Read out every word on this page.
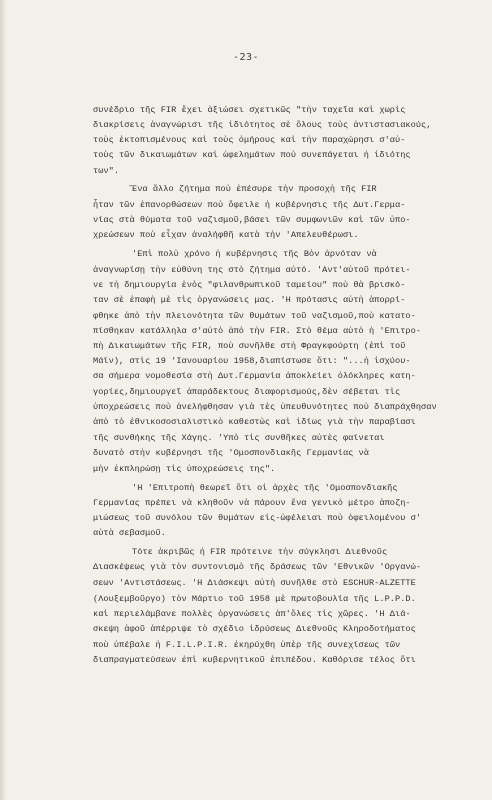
-23-
συνέδριο τῆς FIR ἔχει ἀξιώσει σχετικῶς "τὴν ταχεῖα καὶ χωρὶς
διακρίσεις ἀναγνώρισι τῆς ἰδιότητος σὲ ὅλους τοὺς ἀντιστασιακούς,
τοὺς ἐκτοπισμένους καὶ τοὺς ὁμήρους καὶ τὴν παραχώρησι σ'αὐ-
τοὺς τῶν δικαιωμάτων καὶ ὠφελημάτων ποὺ συνεπάγεται ἡ ἰδιότης
των".
Ἕνα ἄλλο ζήτημα ποὺ ἐπέσυρε τὴν προσοχὴ τῆς FIR
ἦταν τῶν ἐπανορθώσεων ποὺ ὄφειλε ἡ κυβέρνησις τῆς Δυτ.Γερμα-
νίας στὰ θύματα τοῦ ναζισμοῦ,βάσει τῶν συμφωνιῶν καὶ τῶν ὑπο-
χρεώσεων ποὺ εἶχαν ἀναλήφθῆ κατὰ τὴν 'Απελευθέρωσι.
'Επὶ πολὺ χρόνο ἡ κυβέρνησις τῆς Βὸν ἀρνόταν νὰ
ἀναγνωρίσῃ τὴν εὐθύνη της στὸ ζήτημα αὐτό. 'Αντ'αὐτοῦ πρότει-
νε τὴ δημιουργία ἑνὸς "φιλανθρωπικοῦ ταμείου" ποὺ θὰ βρισκό-
ταν σὲ ἐπαφὴ μὲ τὶς ὀργανώσεις μας. 'Η πρότασις αὐτὴ ἀπορρί-
φθηκε ἀπὸ τὴν πλειονότητα τῶν θυμάτων τοῦ ναζισμοῦ,ποὺ κατατο-
πίσθηκαν κατάλληλα σ'αὐτὸ ἀπὸ τὴν FIR. Στὸ θέμα αὐτὸ ἡ 'Επιτρο-
πὴ Δικαιωμάτων τῆς FIR, ποὺ συνῆλθε στὴ Φραγκφούρτη (ἐπὶ τοῦ
Μάϊν), στὶς 19 'Ιανουαρίου 1958,διαπίστωσε ὅτι: "...ἡ ἰσχύου-
σα σήμερα νομοθεσία στὴ Δυτ.Γερμανία ἀποκλείει ὁλόκληρες κατη-
γορίες,δημιουργεῖ ἀπαράδεκτους διαφορισμούς,δὲν σέβεται τὶς
ὑποχρεώσεις ποὺ ἀνελήφθησαν γιὰ τὲς ὑπευθυνότητες ποὺ διαπράχθησαν
ἀπὸ τὸ ἐθνικοσοσιαλιστικὸ καθεστὼς καὶ ἰδίως γιὰ τὴν παραβίασι
τῆς συνθήκης τῆς Χάγης. 'Υπὸ τὶς συνθῆκες αὐτὲς φαίνεται
δυνατὸ στὴν κυβέρνησι τῆς 'Ομοσπονδιακῆς Γερμανίας νὰ
μὴν ἐκπληρώσῃ τὶς ὑποχρεώσεις της".
'Η 'Επιτροπὴ θεωρεῖ ὅτι οἱ ἀρχὲς τῆς 'Ομοσπονδιακῆς
Γερμανίας πρέπει νὰ κληθοῦν νὰ πάρουν ἕνα γενικὸ μέτρο ἀποζη-
μιώσεως τοῦ συνόλου τῶν θυμάτων εἰς-ὠφέλειαι ποὺ ὀφειλομένου σ'
αὐτὰ σεβασμοῦ.
Τότε ἀκριβῶς ἡ FIR πρότεινε τὴν σύγκλησι Διεθνοῦς
Διασκέψεως γιὰ τὸν συντονισμὸ τῆς δράσεως τῶν 'Εθνικῶν 'Οργανώ-
σεων 'Αντιστάσεως. 'Η Διάσκεψι αὐτὴ συνῆλθε στὸ ESCHUR-ALZETTE
(Λουξεμβοῦργο) τὸν Μάρτιο τοῦ 1958 μὲ πρωτοβουλία τῆς L.P.P.D.
καὶ περιελάμβανε πολλὲς ὀργανώσεις ἀπ'ὅλες τὶς χῶρες. 'Η Διά-
σκεψη ἀφοῦ ἀπέρριψε τὸ σχέδιο ἱδρύσεως Διεθνοῦς Κληροδοτήματος
ποὺ ὑπέβαλε ἡ F.I.L.P.I.R. ἐκηρύχθη ὑπὲρ τῆς συνεχίσεως τῶν
διαπραγματεύσεων ἐπὶ κυβερνητικοῦ ἐπιπέδου. Καθόρισε τέλος ὅτι
